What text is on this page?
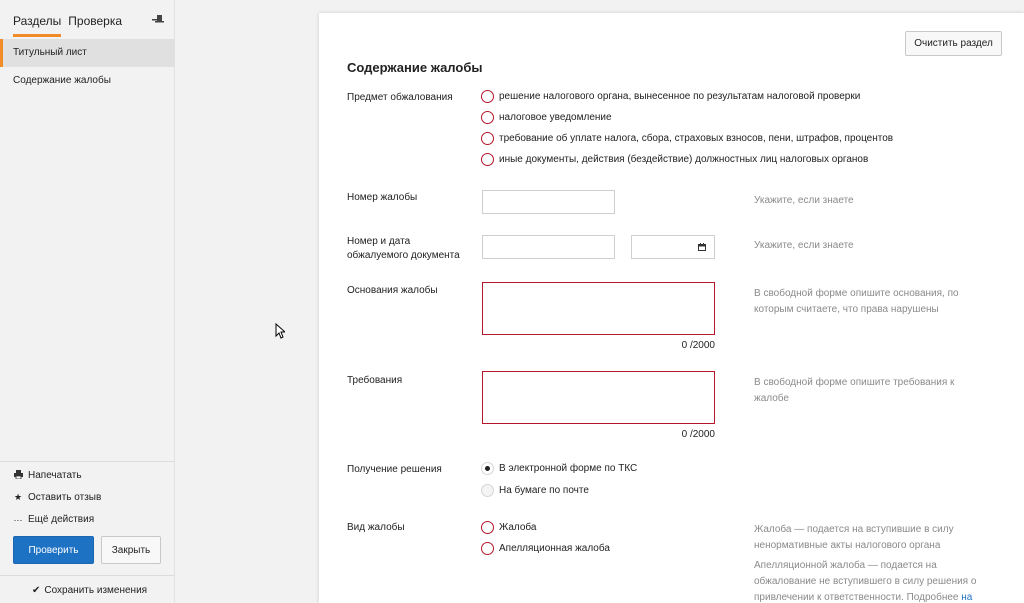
Разделы Проверка
Титульный лист
Содержание жалобы
Напечатать
★ Оставить отзыв
··· Ещё действия
Проверить	Закрыть
✔ Сохранить изменения
Очистить раздел
Содержание жалобы
Предмет обжалования	решение налогового органа, вынесенное по результатам налоговой проверки
налоговое уведомление
требование об уплате налога, сбора, страховых взносов, пени, штрафов, процентов
иные документы, действия (бездействие) должностных лиц налоговых органов
Номер жалобы	Укажите, если знаете
Номер и дата обжалуемого документа
Укажите, если знаете
Основания жалобы
0 /2000
В свободной форме опишите основания, по которым считаете, что права нарушены
Требования
0 /2000
В свободной форме опишите требования к жалобе
Получение решения	В электронной форме по ТКС
На бумаге по почте
Вид жалобы	Жалоба
Апелляционная жалоба
Жалоба — подается на вступившие в силу ненормативные акты налогового органа
Апелляционной жалоба — подается на обжалование не вступившего в силу решения о привлечении к ответственности. Подробнее на
